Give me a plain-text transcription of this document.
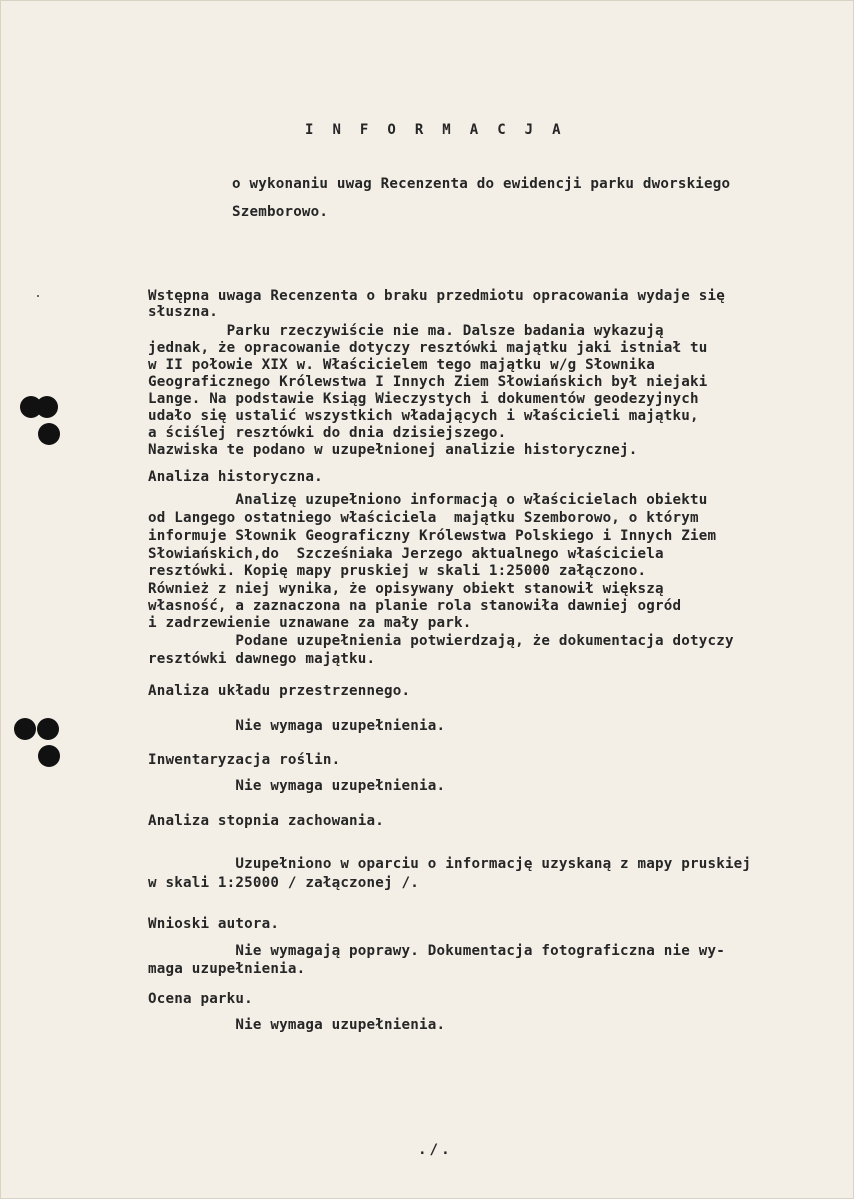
I N F O R M A C J A
o wykonaniu uwag Recenzenta do ewidencji parku dworskiego
Szemborowo.
Wstępna uwaga Recenzenta o braku przedmiotu opracowania wydaje się
słuszna.
Parku rzeczywiście nie ma. Dalsze badania wykazują
jednak, że opracowanie dotyczy resztówki majątku jaki istniał tu
w II połowie XIX w. Właścicielem tego majątku w/g Słownika
Geograficznego Królewstwa I Innych Ziem Słowiańskich był niejaki
Lange. Na podstawie Ksiąg Wieczystych i dokumentów geodezyjnych
udało się ustalić wszystkich władających i właścicieli majątku,
a ściślej resztówki do dnia dzisiejszego.
Nazwiska te podano w uzupełnionej analizie historycznej.
Analiza historyczna.
Analizę uzupełniono informacją o właścicielach obiektu
od Langego ostatniego właściciela  majątku Szemborowo, o którym
informuje Słownik Geograficzny Królewstwa Polskiego i Innych Ziem
Słowiańskich,do  Szcześniaka Jerzego aktualnego właściciela
resztówki. Kopię mapy pruskiej w skali 1:25000 załączono.
Również z niej wynika, że opisywany obiekt stanowił większą
własność, a zaznaczona na planie rola stanowiła dawniej ogród
i zadrzewienie uznawane za mały park.
Podane uzupełnienia potwierdzają, że dokumentacja dotyczy
resztówki dawnego majątku.
Analiza układu przestrzennego.
Nie wymaga uzupełnienia.
Inwentaryzacja roślin.
Nie wymaga uzupełnienia.
Analiza stopnia zachowania.
Uzupełniono w oparciu o informację uzyskaną z mapy pruskiej
w skali 1:25000 / załączonej /.
Wnioski autora.
Nie wymagają poprawy. Dokumentacja fotograficzna nie wy-
maga uzupełnienia.
Ocena parku.
Nie wymaga uzupełnienia.
./.
